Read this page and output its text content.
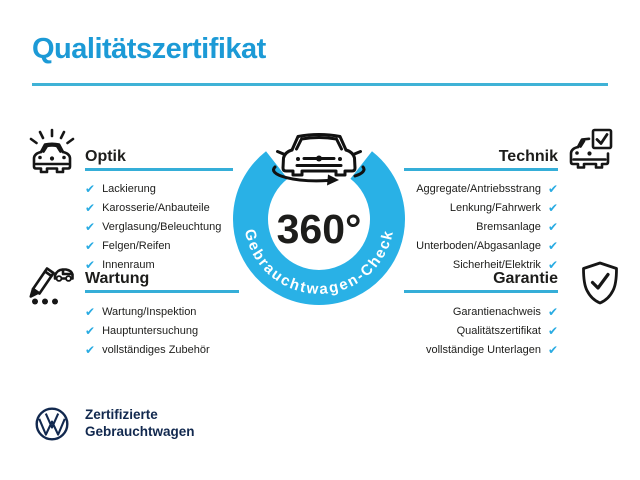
Qualitätszertifikat
Optik
✔ Lackierung
✔ Karosserie/Anbauteile
✔ Verglasung/Beleuchtung
✔ Felgen/Reifen
✔ Innenraum
Wartung
✔ Wartung/Inspektion
✔ Hauptuntersuchung
✔ vollständiges Zubehör
Technik
✔
Aggregate/Antriebsstrang
✔
Lenkung/Fahrwerk
✔
Bremsanlage
✔
Unterboden/Abgasanlage
✔
Sicherheit/Elektrik
Garantie
✔
Garantienachweis
✔
Qualitätszertifikat
✔
vollständige Unterlagen
360°
Gebrauchtwagen-Check
Zertifizierte
Gebrauchtwagen
